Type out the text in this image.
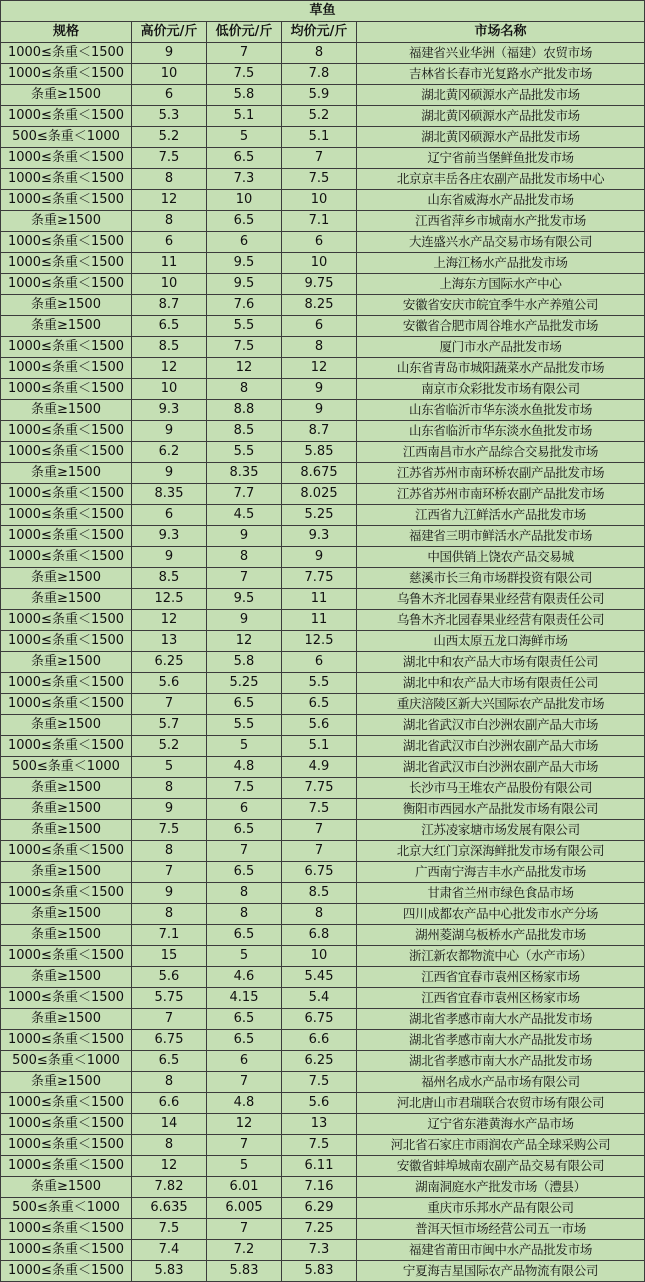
草鱼				
规格	高价元/斤	低价元/斤	均价元/斤	市场名称
1000≤条重＜1500	9	7	8	福建省兴业华洲（福建）农贸市场
1000≤条重＜1500	10	7.5	7.8	吉林省长春市光复路水产批发市场
条重≥1500	6	5.8	5.9	湖北黄冈硕源水产品批发市场
1000≤条重＜1500	5.3	5.1	5.2	湖北黄冈硕源水产品批发市场
500≤条重＜1000	5.2	5	5.1	湖北黄冈硕源水产品批发市场
1000≤条重＜1500	7.5	6.5	7	辽宁省前当堡鲜鱼批发市场
1000≤条重＜1500	8	7.3	7.5	北京京丰岳各庄农副产品批发市场中心
1000≤条重＜1500	12	10	10	山东省威海水产品批发市场
条重≥1500	8	6.5	7.1	江西省萍乡市城南水产批发市场
1000≤条重＜1500	6	6	6	大连盛兴水产品交易市场有限公司
1000≤条重＜1500	11	9.5	10	上海江杨水产品批发市场
1000≤条重＜1500	10	9.5	9.75	上海东方国际水产中心
条重≥1500	8.7	7.6	8.25	安徽省安庆市皖宜季牛水产养殖公司
条重≥1500	6.5	5.5	6	安徽省合肥市周谷堆水产品批发市场
1000≤条重＜1500	8.5	7.5	8	厦门市水产品批发市场
1000≤条重＜1500	12	12	12	山东省青岛市城阳蔬菜水产品批发市场
1000≤条重＜1500	10	8	9	南京市众彩批发市场有限公司
条重≥1500	9.3	8.8	9	山东省临沂市华东淡水鱼批发市场
1000≤条重＜1500	9	8.5	8.7	山东省临沂市华东淡水鱼批发市场
1000≤条重＜1500	6.2	5.5	5.85	江西南昌市水产品综合交易批发市场
条重≥1500	9	8.35	8.675	江苏省苏州市南环桥农副产品批发市场
1000≤条重＜1500	8.35	7.7	8.025	江苏省苏州市南环桥农副产品批发市场
1000≤条重＜1500	6	4.5	5.25	江西省九江鲜活水产品批发市场
1000≤条重＜1500	9.3	9	9.3	福建省三明市鲜活水产品批发市场
1000≤条重＜1500	9	8	9	中国供销上饶农产品交易城
条重≥1500	8.5	7	7.75	慈溪市长三角市场群投资有限公司
条重≥1500	12.5	9.5	11	乌鲁木齐北园春果业经营有限责任公司
1000≤条重＜1500	12	9	11	乌鲁木齐北园春果业经营有限责任公司
1000≤条重＜1500	13	12	12.5	山西太原五龙口海鲜市场
条重≥1500	6.25	5.8	6	湖北中和农产品大市场有限责任公司
1000≤条重＜1500	5.6	5.25	5.5	湖北中和农产品大市场有限责任公司
1000≤条重＜1500	7	6.5	6.5	重庆涪陵区新大兴国际农产品批发市场
条重≥1500	5.7	5.5	5.6	湖北省武汉市白沙洲农副产品大市场
1000≤条重＜1500	5.2	5	5.1	湖北省武汉市白沙洲农副产品大市场
500≤条重＜1000	5	4.8	4.9	湖北省武汉市白沙洲农副产品大市场
条重≥1500	8	7.5	7.75	长沙市马王堆农产品股份有限公司
条重≥1500	9	6	7.5	衡阳市西园水产品批发市场有限公司
条重≥1500	7.5	6.5	7	江苏凌家塘市场发展有限公司
1000≤条重＜1500	8	7	7	北京大红门京深海鲜批发市场有限公司
条重≥1500	7	6.5	6.75	广西南宁海吉丰水产品批发市场
1000≤条重＜1500	9	8	8.5	甘肃省兰州市绿色食品市场
条重≥1500	8	8	8	四川成都农产品中心批发市水产分场
条重≥1500	7.1	6.5	6.8	湖州菱湖乌板桥水产品批发市场
1000≤条重＜1500	15	5	10	浙江新农都物流中心（水产市场）
条重≥1500	5.6	4.6	5.45	江西省宜春市袁州区杨家市场
1000≤条重＜1500	5.75	4.15	5.4	江西省宜春市袁州区杨家市场
条重≥1500	7	6.5	6.75	湖北省孝感市南大水产品批发市场
1000≤条重＜1500	6.75	6.5	6.6	湖北省孝感市南大水产品批发市场
500≤条重＜1000	6.5	6	6.25	湖北省孝感市南大水产品批发市场
条重≥1500	8	7	7.5	福州名成水产品市场有限公司
1000≤条重＜1500	6.6	4.8	5.6	河北唐山市君瑞联合农贸市场有限公司
1000≤条重＜1500	14	12	13	辽宁省东港黄海水产品市场
1000≤条重＜1500	8	7	7.5	河北省石家庄市雨润农产品全球采购公司
1000≤条重＜1500	12	5	6.11	安徽省蚌埠城南农副产品交易有限公司
条重≥1500	7.82	6.01	7.16	湖南洞庭水产批发市场（澧县）
500≤条重＜1000	6.635	6.005	6.29	重庆市乐邦水产品有限公司
1000≤条重＜1500	7.5	7	7.25	普洱天恒市场经营公司五一市场
1000≤条重＜1500	7.4	7.2	7.3	福建省莆田市闽中水产品批发市场
1000≤条重＜1500	5.83	5.83	5.83	宁夏海吉星国际农产品物流有限公司
